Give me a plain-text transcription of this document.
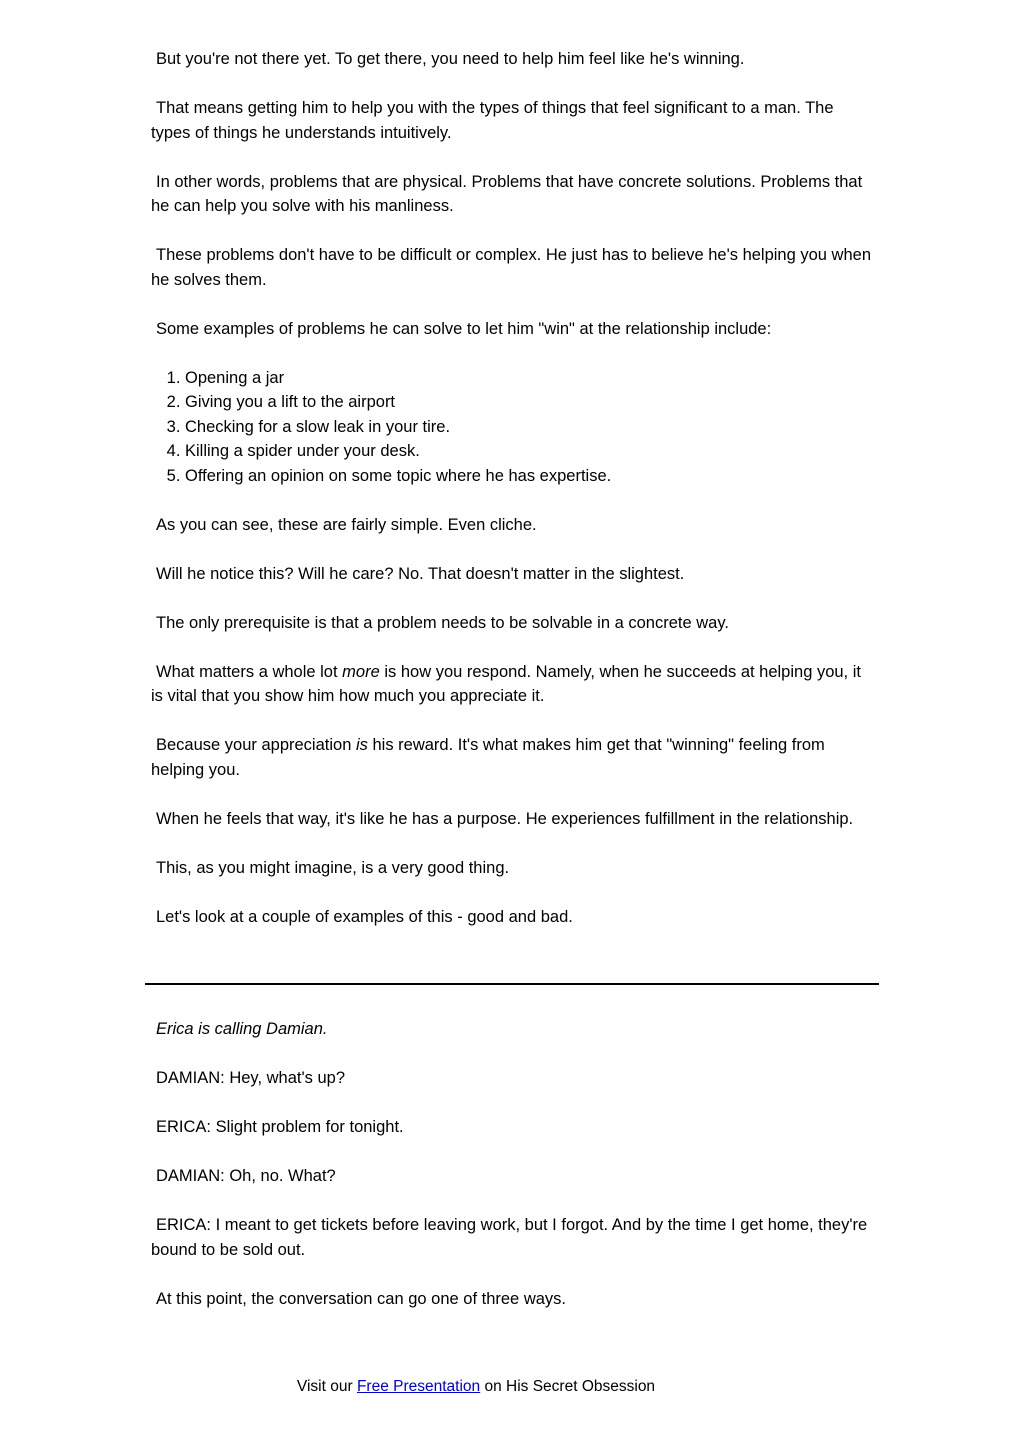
But you're not there yet. To get there, you need to help him feel like he's winning.

That means getting him to help you with the types of things that feel significant to a man. The types of things he understands intuitively.

In other words, problems that are physical. Problems that have concrete solutions. Problems that he can help you solve with his manliness.

These problems don't have to be difficult or complex. He just has to believe he's helping you when he solves them.

Some examples of problems he can solve to let him "win" at the relationship include:

1. Opening a jar
2. Giving you a lift to the airport
3. Checking for a slow leak in your tire.
4. Killing a spider under your desk.
5. Offering an opinion on some topic where he has expertise.

As you can see, these are fairly simple. Even cliche.

Will he notice this? Will he care? No. That doesn't matter in the slightest.

The only prerequisite is that a problem needs to be solvable in a concrete way.

What matters a whole lot more is how you respond. Namely, when he succeeds at helping you, it is vital that you show him how much you appreciate it.

Because your appreciation is his reward. It's what makes him get that "winning" feeling from helping you.

When he feels that way, it's like he has a purpose. He experiences fulfillment in the relationship.

This, as you might imagine, is a very good thing.

Let's look at a couple of examples of this - good and bad.

Erica is calling Damian.

DAMIAN: Hey, what's up?

ERICA: Slight problem for tonight.

DAMIAN: Oh, no. What?

ERICA: I meant to get tickets before leaving work, but I forgot. And by the time I get home, they're bound to be sold out.

At this point, the conversation can go one of three ways.

Visit our Free Presentation on His Secret Obsession
